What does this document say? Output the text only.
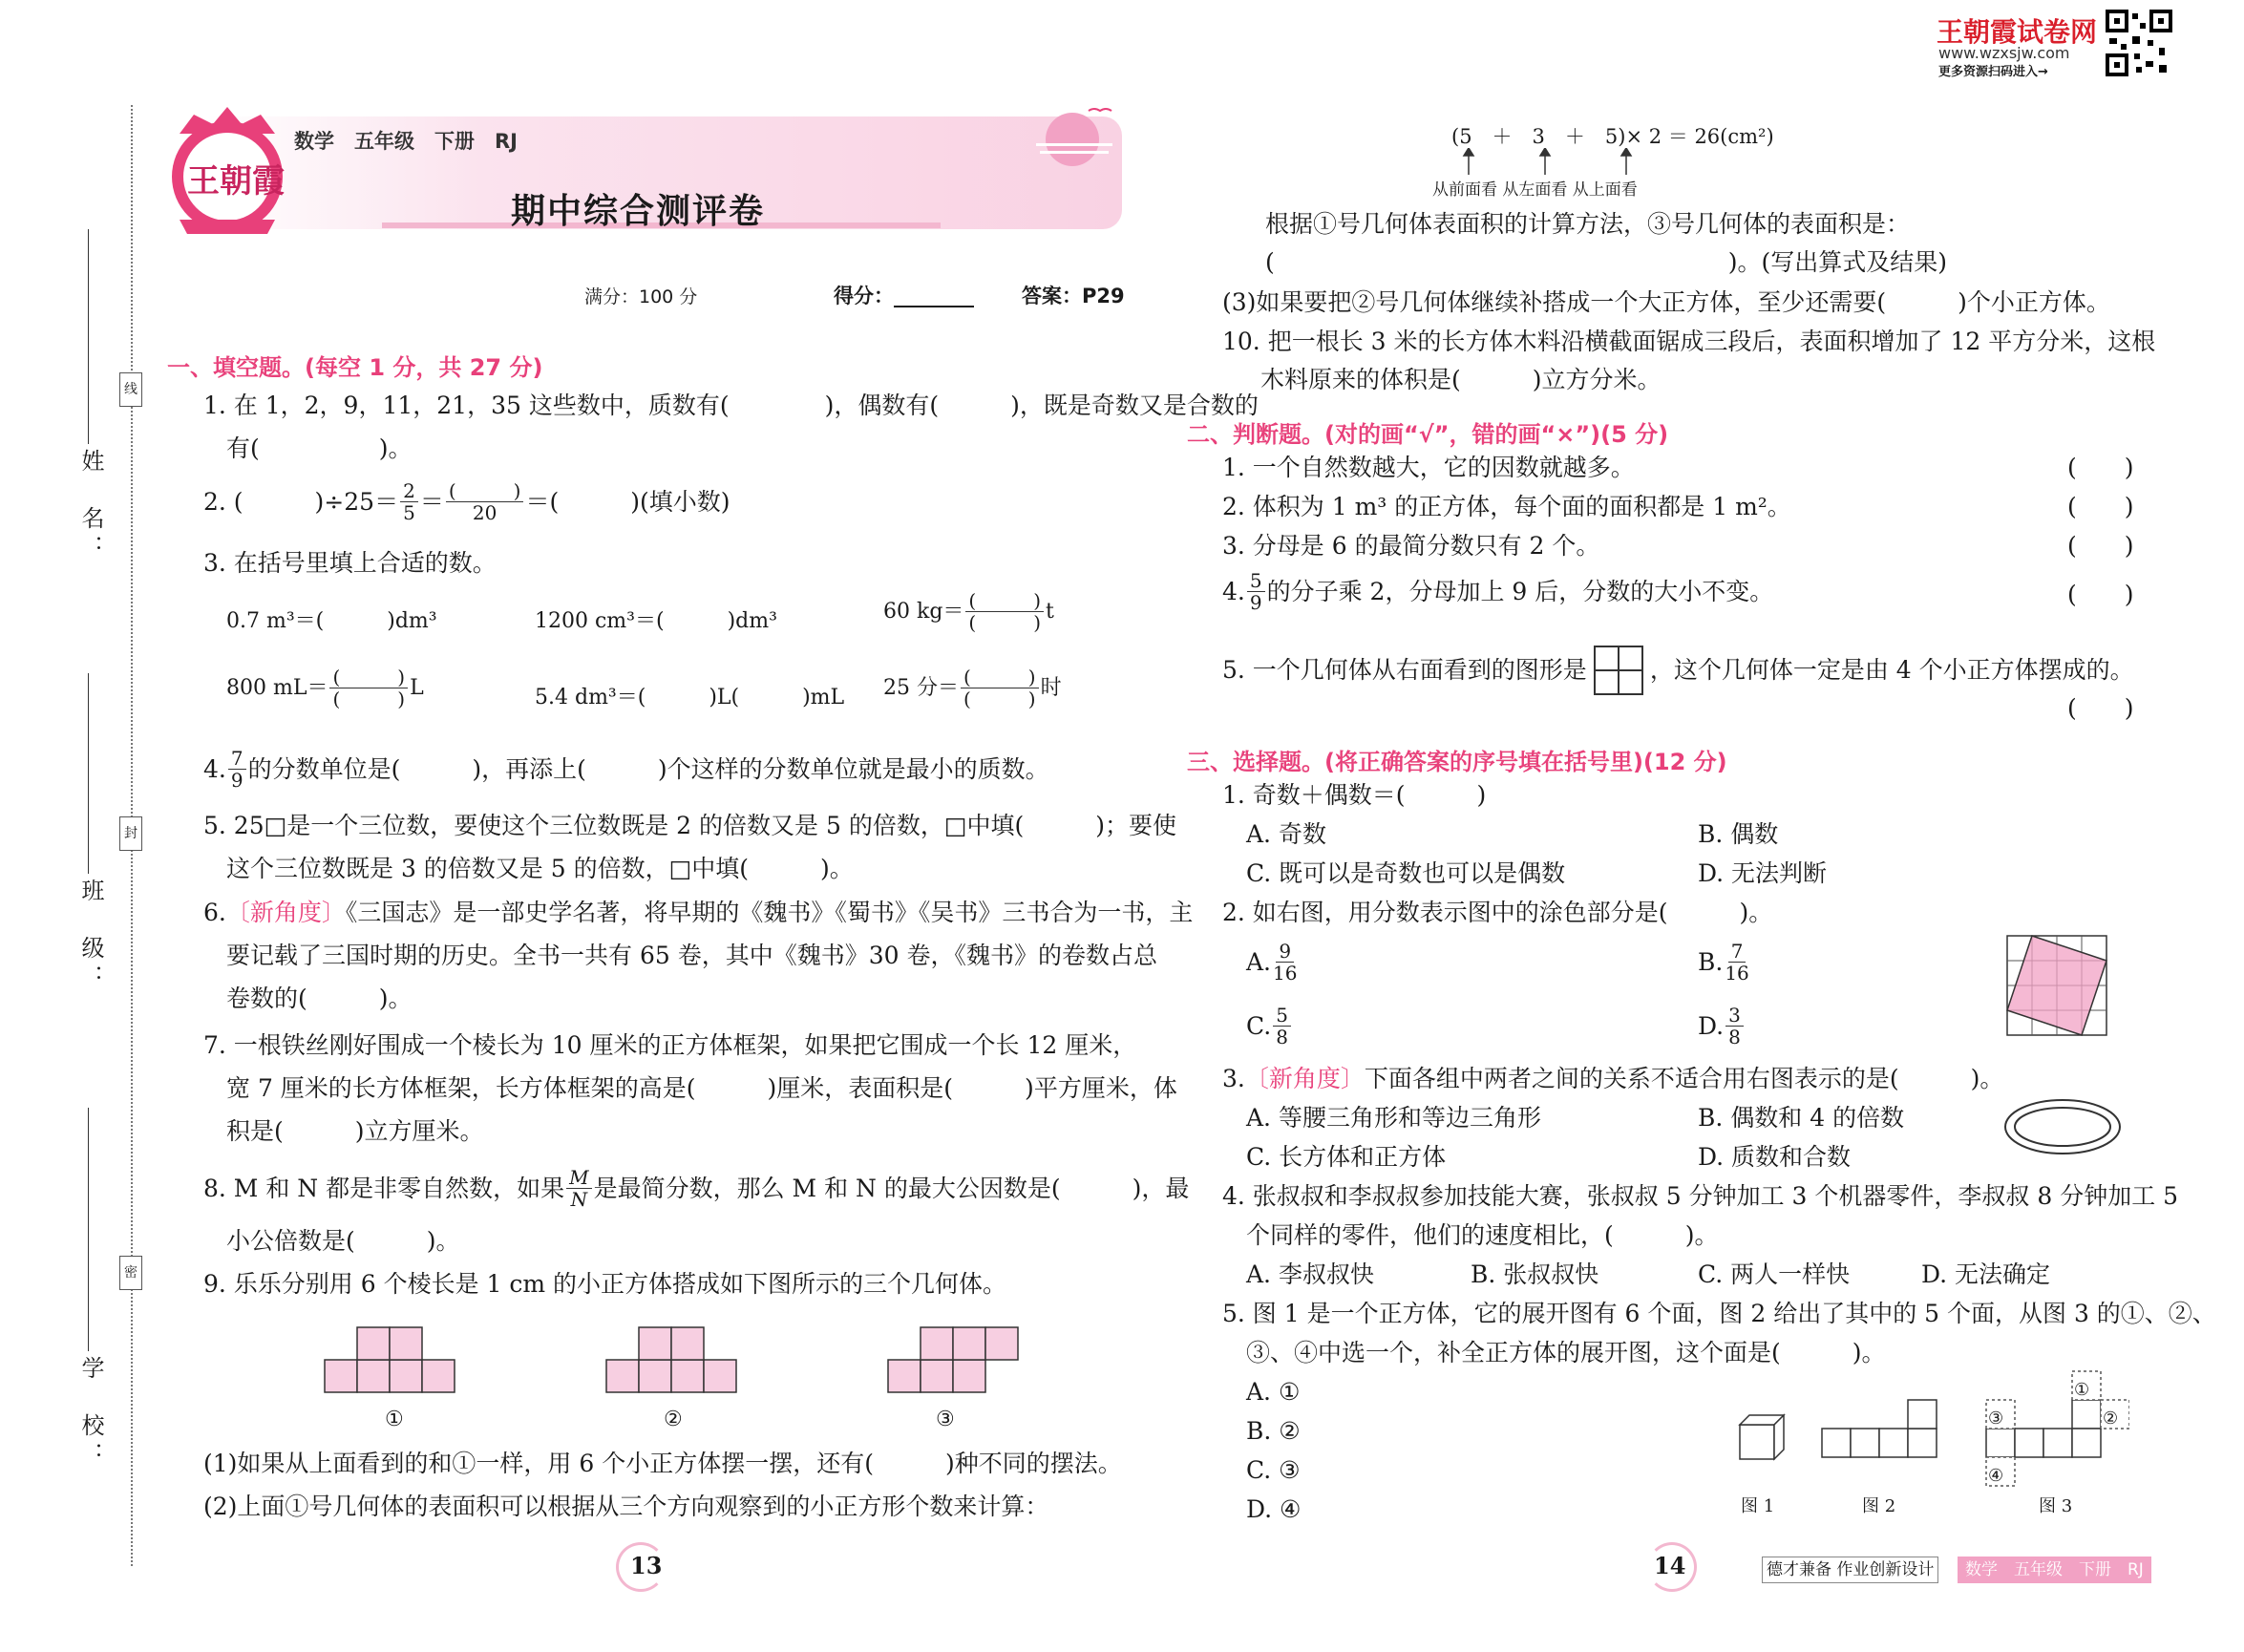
姓　名：
班　级：
学　校：
线
封
密
王朝霞
数学　五年级　下册　RJ
期中综合测评卷
满分：100 分	得分：________ 答案：P29
王朝霞试卷网
www.wzxsjw.com
更多资源扫码进入→
一、填空题。(每空 1 分，共 27 分)
1. 在 1，2，9，11，21，35 这些数中，质数有(　　　　)，偶数有(　　　)，既是奇数又是合数的
有(　　　　　)。
2. (　　　)$\div 25= \frac{2}{5} = \frac{( )}{20}$ ＝(　　　)(填小数)
3. 在括号里填上合适的数。
0.7 m³＝(　　　)dm³	1200 cm³＝(　　　)dm³	60 $kg= \frac{( )}{( )}$ t
800 $mL= \frac{( )}{( )}$ L	5.4 dm³＝(　　　)L(　　　)mL 25 分＝ $\frac{( )}{( )}$ 时
4. $\frac{7}{9}$ 的分数单位是(　　　)，再添上(　　　)个这样的分数单位就是最小的质数。
5. 25□是一个三位数，要使这个三位数既是 2 的倍数又是 5 的倍数，□中填(　　　)；要使
这个三位数既是 3 的倍数又是 5 的倍数，□中填(　　　)。
6.〔新角度〕《三国志》是一部史学名著，将早期的《魏书》《蜀书》《吴书》三书合为一书，主
要记载了三国时期的历史。全书一共有 65 卷，其中《魏书》30 卷，《魏书》的卷数占总
卷数的(　　　)。
7. 一根铁丝刚好围成一个棱长为 10 厘米的正方体框架，如果把它围成一个长 12 厘米，
宽 7 厘米的长方体框架，长方体框架的高是(　　　)厘米，表面积是(　　　)平方厘米，体
积是(　　　)立方厘米。
8. M 和 N 都是非零自然数，如果 $\frac{M}{N}$ 是最简分数，那么 M 和 N 的最大公因数是(　　　)，最
小公倍数是(　　　)。
9. 乐乐分别用 6 个棱长是 1 cm 的小正方体搭成如下图所示的三个几何体。
①	②	③
(1)如果从上面看到的和①一样，用 6 个小正方体摆一摆，还有(　　　)种不同的摆法。
(2)上面①号几何体的表面积可以根据从三个方向观察到的小正方形个数来计算：
13
(5　＋　3　＋　5)× 2 ＝ 26(cm²)
从前面看 从左面看 从上面看
根据①号几何体表面积的计算方法，③号几何体的表面积是：
(　　　　　　　　　　　　　　　　　　　)。(写出算式及结果)
(3)如果要把②号几何体继续补搭成一个大正方体，至少还需要(　　　)个小正方体。
10. 把一根长 3 米的长方体木料沿横截面锯成三段后，表面积增加了 12 平方分米，这根
木料原来的体积是(　　　)立方分米。
二、判断题。(对的画“√”，错的画“×”)(5 分)
1. 一个自然数越大，它的因数就越多。	(　　)
2. 体积为 1 m³ 的正方体，每个面的面积都是 1 m²。	(　　)
3. 分母是 6 的最简分数只有 2 个。	(　　)
4. $\frac{5}{9}$ 的分子乘 2，分母加上 9 后，分数的大小不变。	(　　)
5. 一个几何体从右面看到的图形是	，这个几何体一定是由 4 个小正方体摆成的。
(　　)
三、选择题。(将正确答案的序号填在括号里)(12 分)
1. 奇数＋偶数＝(　　　)
A. 奇数	B. 偶数
C. 既可以是奇数也可以是偶数	D. 无法判断
2. 如右图，用分数表示图中的涂色部分是(　　　)。
A. $\frac{9}{16}$	B. $\frac{7}{16}$
C. $\frac{5}{8}$	D. $\frac{3}{8}$
3.〔新角度〕下面各组中两者之间的关系不适合用右图表示的是(　　　)。
A. 等腰三角形和等边三角形	B. 偶数和 4 的倍数
C. 长方体和正方体	D. 质数和合数
4. 张叔叔和李叔叔参加技能大赛，张叔叔 5 分钟加工 3 个机器零件，李叔叔 8 分钟加工 5
个同样的零件，他们的速度相比，(　　　)。
A. 李叔叔快	B. 张叔叔快	C. 两人一样快	D. 无法确定
5. 图 1 是一个正方体，它的展开图有 6 个面，图 2 给出了其中的 5 个面，从图 3 的①、②、
③、④中选一个，补全正方体的展开图，这个面是(　　　)。
A. ①
B. ②
C. ③
D. ④
①
②
③
④
图 1	图 2	图 3
14	德才兼备 作业创新设计	数学　五年级　下册　RJ
